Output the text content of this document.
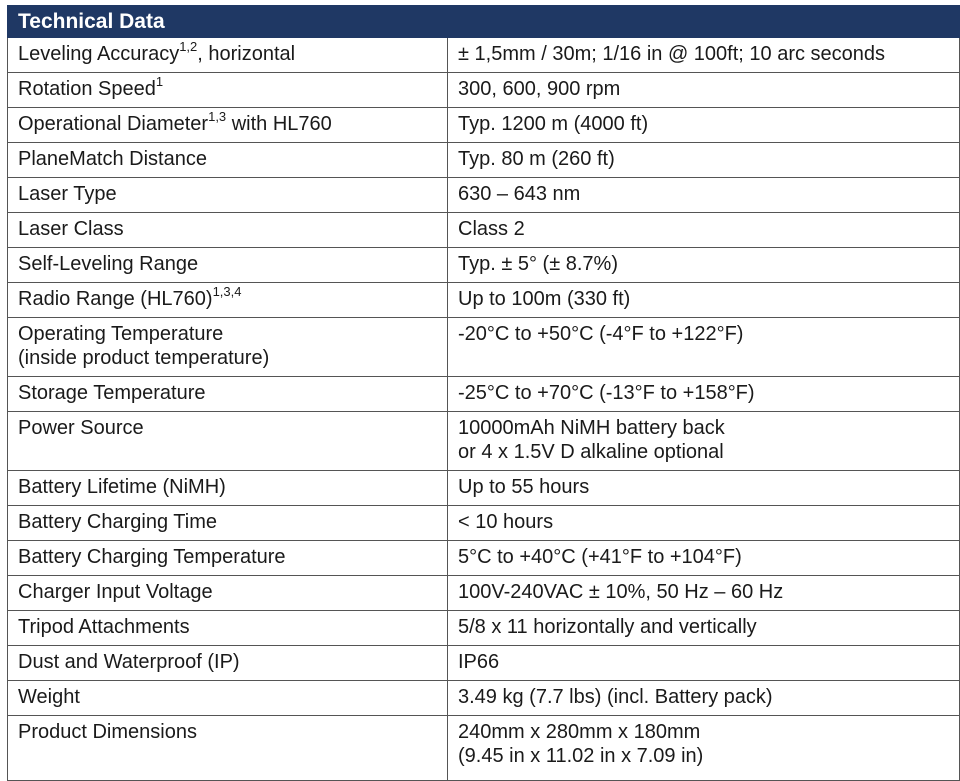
Technical Data	

Leveling Accuracy$^{1,2}$, horizontal	± 1,5mm / 30m; 1/16 in @ 100ft; 10 arc seconds

Rotation Speed$^1$	300, 600, 900 rpm

Operational Diameter$^{1,3}$ with HL760	Typ. 1200 m (4000 ft)

PlaneMatch Distance	Typ. 80 m (260 ft)

Laser Type	630 – 643 nm

Laser Class	Class 2

Self-Leveling Range	Typ. ± 5° (± 8.7%)

Radio Range $(HL760)^{1,3,4}$	Up to 100m (330 ft)

Operating Temperature
(inside product temperature)	-20°C to +50°C (-4°F to +122°F)

Storage Temperature	-25°C to +70°C (-13°F to +158°F)

Power Source	10000mAh NiMH battery back
or 4 x 1.5V D alkaline optional

Battery Lifetime (NiMH)	Up to 55 hours

Battery Charging Time	< 10 hours

Battery Charging Temperature	5°C to +40°C (+41°F to +104°F)

Charger Input Voltage	100V-240VAC ± 10%, 50 Hz – 60 Hz

Tripod Attachments	5/8 x 11 horizontally and vertically

Dust and Waterproof (IP)	IP66

Weight	3.49 kg (7.7 lbs) (incl. Battery pack)

Product Dimensions	240mm x 280mm x 180mm
(9.45 in x 11.02 in x 7.09 in)
